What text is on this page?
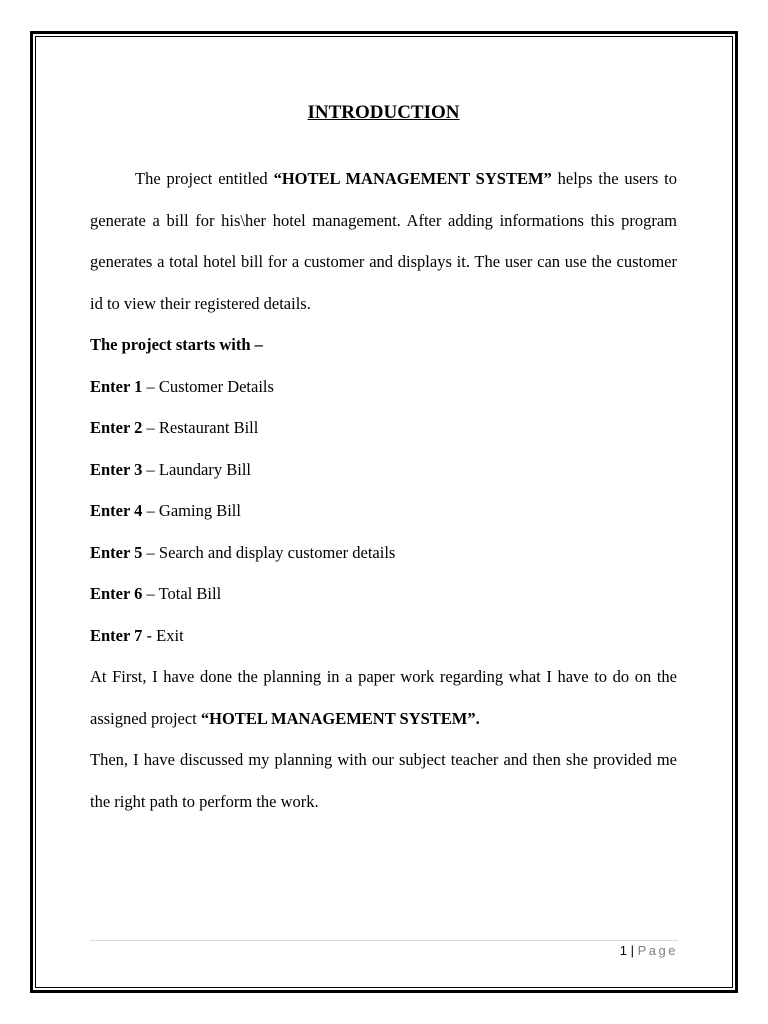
INTRODUCTION

The project entitled “HOTEL MANAGEMENT SYSTEM” helps the users to generate a bill for his\her hotel management. After adding informations this program generates a total hotel bill for a customer and displays it. The user can use the customer id to view their registered details.

The project starts with –

Enter 1 – Customer Details

Enter 2 – Restaurant Bill

Enter 3 – Laundary Bill

Enter 4 – Gaming Bill

Enter 5 – Search and display customer details

Enter 6 – Total Bill

Enter 7 - Exit

At First, I have done the planning in a paper work regarding what I have to do on the assigned project “HOTEL MANAGEMENT SYSTEM”.

Then, I have discussed my planning with our subject teacher and then she provided me the right path to perform the work.

1 | Page
